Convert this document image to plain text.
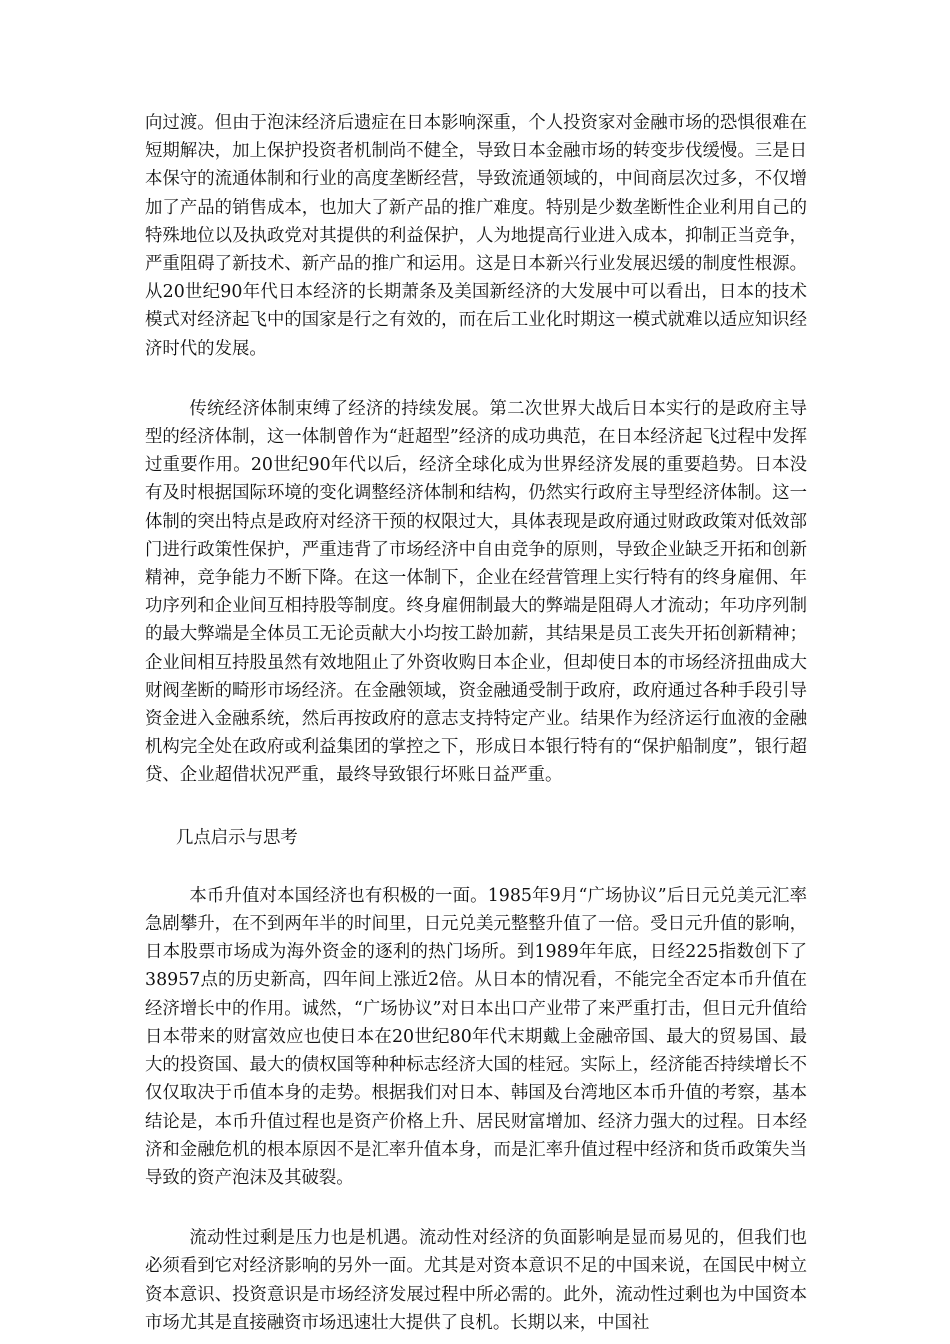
向过渡。但由于泡沫经济后遗症在日本影响深重，个人投资家对金融市场的恐惧很难在短期解决，加上保护投资者机制尚不健全，导致日本金融市场的转变步伐缓慢。三是日本保守的流通体制和行业的高度垄断经营，导致流通领域的，中间商层次过多，不仅增加了产品的销售成本，也加大了新产品的推广难度。特别是少数垄断性企业利用自己的特殊地位以及执政党对其提供的利益保护，人为地提高行业进入成本，抑制正当竞争，严重阻碍了新技术、新产品的推广和运用。这是日本新兴行业发展迟缓的制度性根源。从20世纪90年代日本经济的长期萧条及美国新经济的大发展中可以看出，日本的技术模式对经济起飞中的国家是行之有效的，而在后工业化时期这一模式就难以适应知识经济时代的发展。

传统经济体制束缚了经济的持续发展。第二次世界大战后日本实行的是政府主导型的经济体制，这一体制曾作为“赶超型”经济的成功典范，在日本经济起飞过程中发挥过重要作用。20世纪90年代以后，经济全球化成为世界经济发展的重要趋势。日本没有及时根据国际环境的变化调整经济体制和结构，仍然实行政府主导型经济体制。这一体制的突出特点是政府对经济干预的权限过大，具体表现是政府通过财政政策对低效部门进行政策性保护，严重违背了市场经济中自由竞争的原则，导致企业缺乏开拓和创新精神，竞争能力不断下降。在这一体制下，企业在经营管理上实行特有的终身雇佣、年功序列和企业间互相持股等制度。终身雇佣制最大的弊端是阻碍人才流动；年功序列制的最大弊端是全体员工无论贡献大小均按工龄加薪，其结果是员工丧失开拓创新精神；企业间相互持股虽然有效地阻止了外资收购日本企业，但却使日本的市场经济扭曲成大财阀垄断的畸形市场经济。在金融领域，资金融通受制于政府，政府通过各种手段引导资金进入金融系统，然后再按政府的意志支持特定产业。结果作为经济运行血液的金融机构完全处在政府或利益集团的掌控之下，形成日本银行特有的“保护船制度”，银行超贷、企业超借状况严重，最终导致银行坏账日益严重。

几点启示与思考

本币升值对本国经济也有积极的一面。1985年9月“广场协议”后日元兑美元汇率急剧攀升，在不到两年半的时间里，日元兑美元整整升值了一倍。受日元升值的影响，日本股票市场成为海外资金的逐利的热门场所。到1989年年底，日经225指数创下了38957点的历史新高，四年间上涨近2倍。从日本的情况看，不能完全否定本币升值在经济增长中的作用。诚然，“广场协议”对日本出口产业带了来严重打击，但日元升值给日本带来的财富效应也使日本在20世纪80年代末期戴上金融帝国、最大的贸易国、最大的投资国、最大的债权国等种种标志经济大国的桂冠。实际上，经济能否持续增长不仅仅取决于币值本身的走势。根据我们对日本、韩国及台湾地区本币升值的考察，基本结论是，本币升值过程也是资产价格上升、居民财富增加、经济力强大的过程。日本经济和金融危机的根本原因不是汇率升值本身，而是汇率升值过程中经济和货币政策失当导致的资产泡沫及其破裂。

流动性过剩是压力也是机遇。流动性对经济的负面影响是显而易见的，但我们也必须看到它对经济影响的另外一面。尤其是对资本意识不足的中国来说，在国民中树立资本意识、投资意识是市场经济发展过程中所必需的。此外，流动性过剩也为中国资本市场尤其是直接融资市场迅速壮大提供了良机。长期以来，中国社
